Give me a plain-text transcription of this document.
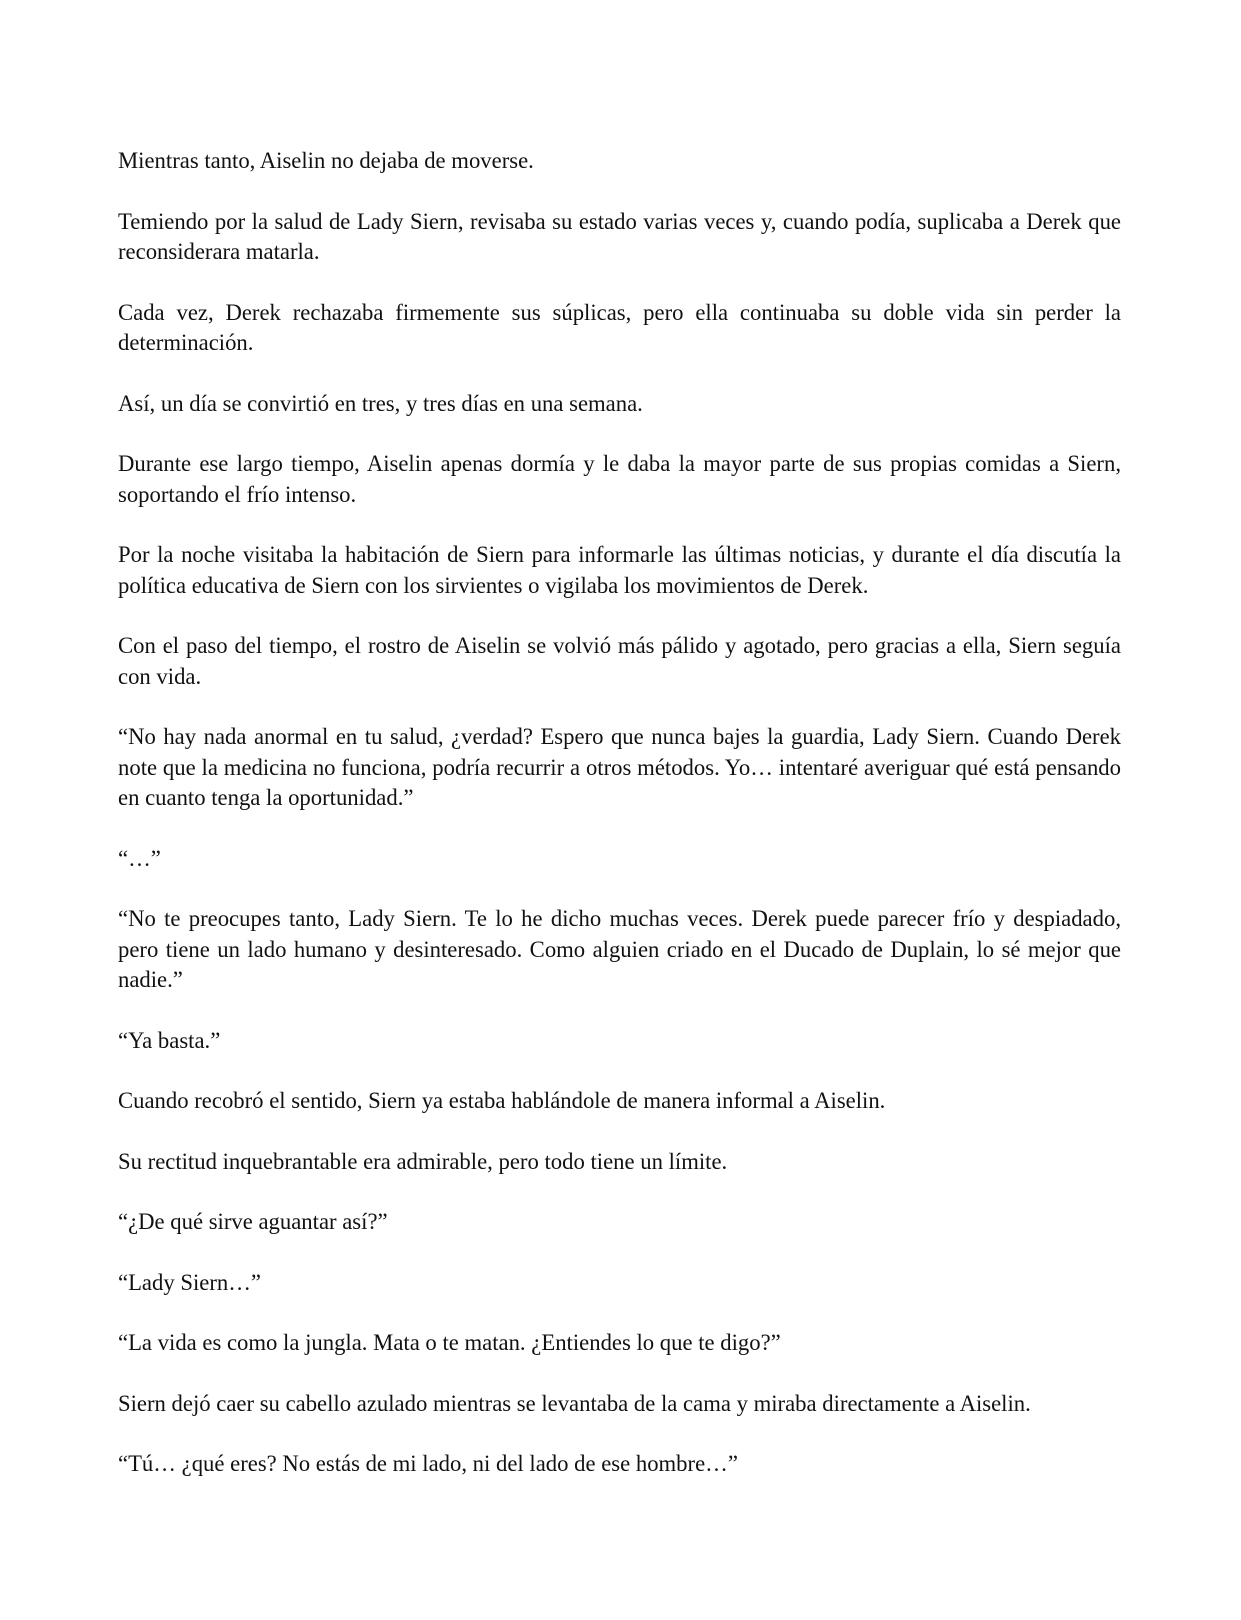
Mientras tanto, Aiselin no dejaba de moverse.

Temiendo por la salud de Lady Siern, revisaba su estado varias veces y, cuando podía, suplicaba a Derek que reconsiderara matarla.

Cada vez, Derek rechazaba firmemente sus súplicas, pero ella continuaba su doble vida sin perder la determinación.

Así, un día se convirtió en tres, y tres días en una semana.

Durante ese largo tiempo, Aiselin apenas dormía y le daba la mayor parte de sus propias comidas a Siern, soportando el frío intenso.

Por la noche visitaba la habitación de Siern para informarle las últimas noticias, y durante el día discutía la política educativa de Siern con los sirvientes o vigilaba los movimientos de Derek.

Con el paso del tiempo, el rostro de Aiselin se volvió más pálido y agotado, pero gracias a ella, Siern seguía con vida.

“No hay nada anormal en tu salud, ¿verdad? Espero que nunca bajes la guardia, Lady Siern. Cuando Derek note que la medicina no funciona, podría recurrir a otros métodos. Yo… intentaré averiguar qué está pensando en cuanto tenga la oportunidad.”

“…”

“No te preocupes tanto, Lady Siern. Te lo he dicho muchas veces. Derek puede parecer frío y despiadado, pero tiene un lado humano y desinteresado. Como alguien criado en el Ducado de Duplain, lo sé mejor que nadie.”

“Ya basta.”

Cuando recobró el sentido, Siern ya estaba hablándole de manera informal a Aiselin.

Su rectitud inquebrantable era admirable, pero todo tiene un límite.

“¿De qué sirve aguantar así?”

“Lady Siern…”

“La vida es como la jungla. Mata o te matan. ¿Entiendes lo que te digo?”

Siern dejó caer su cabello azulado mientras se levantaba de la cama y miraba directamente a Aiselin.

“Tú… ¿qué eres? No estás de mi lado, ni del lado de ese hombre…”
